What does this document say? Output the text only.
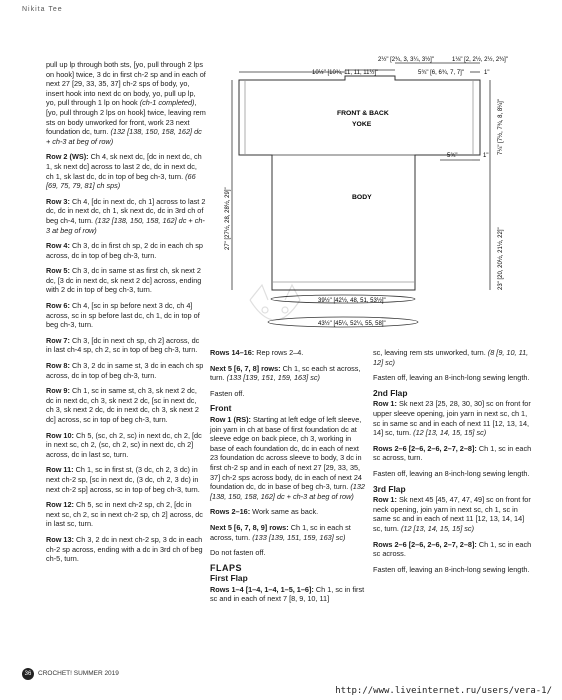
Nikita Tee
2½" [2¾, 3, 3¼, 3½]"	1⅛" [2, 2½, 2½, 2¾]"
10½" [10¾, 11, 11, 11½]"	5¾" [6, 6¾, 7, 7]"	1"
7¼" [7½, 7¾, 8, 8¼]"
23" [20, 20½, 21½, 22]"
27" [27½, 28, 28½, 29]"
5¾"	1"
FRONT & BACK
YOKE
BODY
39½" [42½, 48, 51, 53½]"
43½" [45¼, 52¼, 55, 58]"
pull up lp through both sts, [yo, pull through 2 lps on hook] twice, 3 dc in first ch-2 sp and in each of next 27 [29, 33, 35, 37] ch-2 sps of body, yo, insert hook into next dc on body, yo, pull up lp, yo, pull through 1 lp on hook (ch-1 completed), [yo, pull through 2 lps on hook] twice, leaving rem sts on body unworked for front, work 23 next foundation dc, turn. (132 [138, 150, 158, 162] dc + ch-3 at beg of row)
Row 2 (WS): Ch 4, sk next dc, [dc in next dc, ch 1, sk next dc] across to last 2 dc, dc in next dc, ch 1, sk last dc, dc in top of beg ch-3, turn. (66 [69, 75, 79, 81] ch sps)
Row 3: Ch 4, [dc in next dc, ch 1] across to last 2 dc, dc in next dc, ch 1, sk next dc, dc in 3rd ch of beg ch-4, turn. (132 [138, 150, 158, 162] dc + ch-3 at beg of row)
Row 4: Ch 3, dc in first ch sp, 2 dc in each ch sp across, dc in top of beg ch-3, turn.
Row 5: Ch 3, dc in same st as first ch, sk next 2 dc, [3 dc in next dc, sk next 2 dc] across, ending with 2 dc in top of beg ch-3, turn.
Row 6: Ch 4, [sc in sp before next 3 dc, ch 4] across, sc in sp before last dc, ch 1, dc in top of beg ch-3, turn.
Row 7: Ch 3, [dc in next ch sp, ch 2] across, dc in last ch-4 sp, ch 2, sc in top of beg ch-3, turn.
Row 8: Ch 3, 2 dc in same st, 3 dc in each ch sp across, dc in top of beg ch-3, turn.
Row 9: Ch 1, sc in same st, ch 3, sk next 2 dc, dc in next dc, ch 3, sk next 2 dc, [sc in next dc, ch 3, sk next 2 dc, dc in next dc, ch 3, sk next 2 dc] across, sc in top of beg ch-3, turn.
Row 10: Ch 5, (sc, ch 2, sc) in next dc, ch 2, [dc in next sc, ch 2, (sc, ch 2, sc) in next dc, ch 2] across, dc in last sc, turn.
Row 11: Ch 1, sc in first st, (3 dc, ch 2, 3 dc) in next ch-2 sp, [sc in next dc, (3 dc, ch 2, 3 dc) in next ch-2 sp] across, sc in top of beg ch-3, turn.
Row 12: Ch 5, sc in next ch-2 sp, ch 2, [dc in next sc, ch 2, sc in next ch-2 sp, ch 2] across, dc in last sc, turn.
Row 13: Ch 3, 2 dc in next ch-2 sp, 3 dc in each ch-2 sp across, ending with a dc in 3rd ch of beg ch-5, turn.
Rows 14–16: Rep rows 2–4.
Next 5 [6, 7, 8] rows: Ch 1, sc each st across, turn. (133 [139, 151, 159, 163] sc)
Fasten off.
Front
Row 1 (RS): Starting at left edge of left sleeve, join yarn in ch at base of first foundation dc at sleeve edge on back piece, ch 3, working in base of each foundation dc, dc in each of next 23 foundation dc across sleeve to body, 3 dc in first ch-2 sp and in each of next 27 [29, 33, 35, 37] ch-2 sps across body, dc in each of next 24 foundation dc, dc in base of beg ch-3, turn. (132 [138, 150, 158, 162] dc + ch-3 at beg of row)
Rows 2–16: Work same as back.
Next 5 [6, 7, 8, 9] rows: Ch 1, sc in each st across, turn. (133 [139, 151, 159, 163] sc)
Do not fasten off.
FLAPS
First Flap
Rows 1–4 [1–4, 1–4, 1–5, 1–6]: Ch 1, sc in first sc and in each of next 7 [8, 9, 10, 11]
sc, leaving rem sts unworked, turn. (8 [9, 10, 11, 12] sc)
Fasten off, leaving an 8-inch-long sewing length.
2nd Flap
Row 1: Sk next 23 [25, 28, 30, 30] sc on front for upper sleeve opening, join yarn in next sc, ch 1, sc in same sc and in each of next 11 [12, 13, 14, 14] sc, turn. (12 [13, 14, 15, 15] sc)
Rows 2–6 [2–6, 2–6, 2–7, 2–8]: Ch 1, sc in each sc across, turn.
Fasten off, leaving an 8-inch-long sewing length.
3rd Flap
Row 1: Sk next 45 [45, 47, 47, 49] sc on front for neck opening, join yarn in next sc, ch 1, sc in same sc and in each of next 11 [12, 13, 14, 14] sc, turn. (12 [13, 14, 15, 15] sc)
Rows 2–6 [2–6, 2–6, 2–7, 2–8]: Ch 1, sc in each sc across.
Fasten off, leaving an 8-inch-long sewing length.
36 CROCHET! SUMMER 2019
http://www.liveinternet.ru/users/vera-1/
